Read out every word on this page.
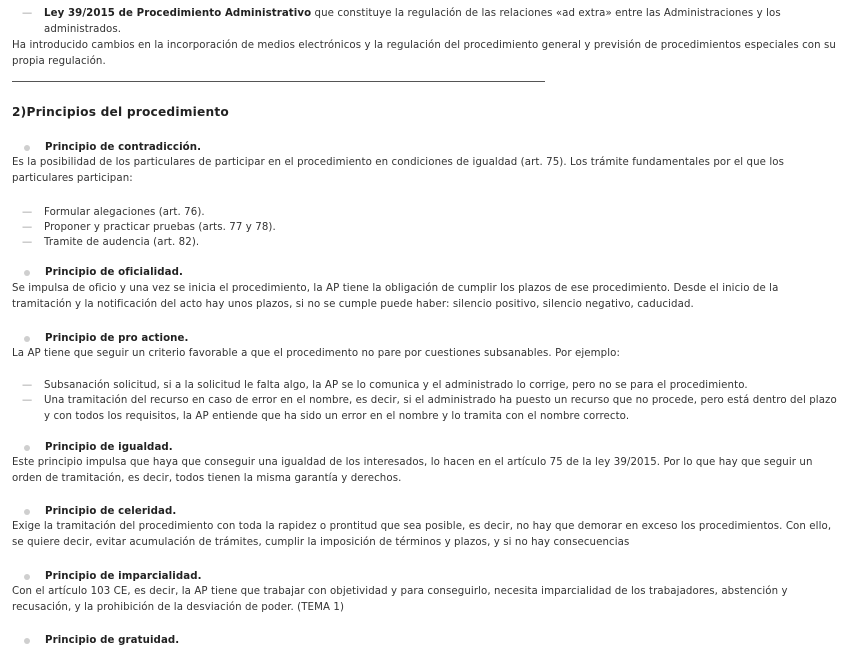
— Ley 39/2015 de Procedimiento Administrativo que constituye la regulación de las relaciones «ad extra» entre las Administraciones y los administrados.
Ha introducido cambios en la incorporación de medios electrónicos y la regulación del procedimiento general y previsión de procedimientos especiales con su propia regulación.
2)Principios del procedimiento
Principio de contradicción.
Es la posibilidad de los particulares de participar en el procedimiento en condiciones de igualdad (art. 75). Los trámite fundamentales por el que los particulares participan:
— Formular alegaciones (art. 76).
— Proponer y practicar pruebas (arts. 77 y 78).
— Tramite de audencia (art. 82).
Principio de oficialidad.
Se impulsa de oficio y una vez se inicia el procedimiento, la AP tiene la obligación de cumplir los plazos de ese procedimiento. Desde el inicio de la tramitación y la notificación del acto hay unos plazos, si no se cumple puede haber: silencio positivo, silencio negativo, caducidad.
Principio de pro actione.
La AP tiene que seguir un criterio favorable a que el procedimento no pare por cuestiones subsanables. Por ejemplo:
— Subsanación solicitud, si a la solicitud le falta algo, la AP se lo comunica y el administrado lo corrige, pero no se para el procedimiento.
— Una tramitación del recurso en caso de error en el nombre, es decir, si el administrado ha puesto un recurso que no procede, pero está dentro del plazo y con todos los requisitos, la AP entiende que ha sido un error en el nombre y lo tramita con el nombre correcto.
Principio de igualdad.
Este principio impulsa que haya que conseguir una igualdad de los interesados, lo hacen en el artículo 75 de la ley 39/2015. Por lo que hay que seguir un orden de tramitación, es decir, todos tienen la misma garantía y derechos.
Principio de celeridad.
Exige la tramitación del procedimiento con toda la rapidez o prontitud que sea posible, es decir, no hay que demorar en exceso los procedimientos. Con ello, se quiere decir, evitar acumulación de trámites, cumplir la imposición de términos y plazos, y si no hay consecuencias
Principio de imparcialidad.
Con el artículo 103 CE, es decir, la AP tiene que trabajar con objetividad y para conseguirlo, necesita imparcialidad de los trabajadores, abstención y recusación, y la prohibición de la desviación de poder. (TEMA 1)
Principio de gratuidad.
